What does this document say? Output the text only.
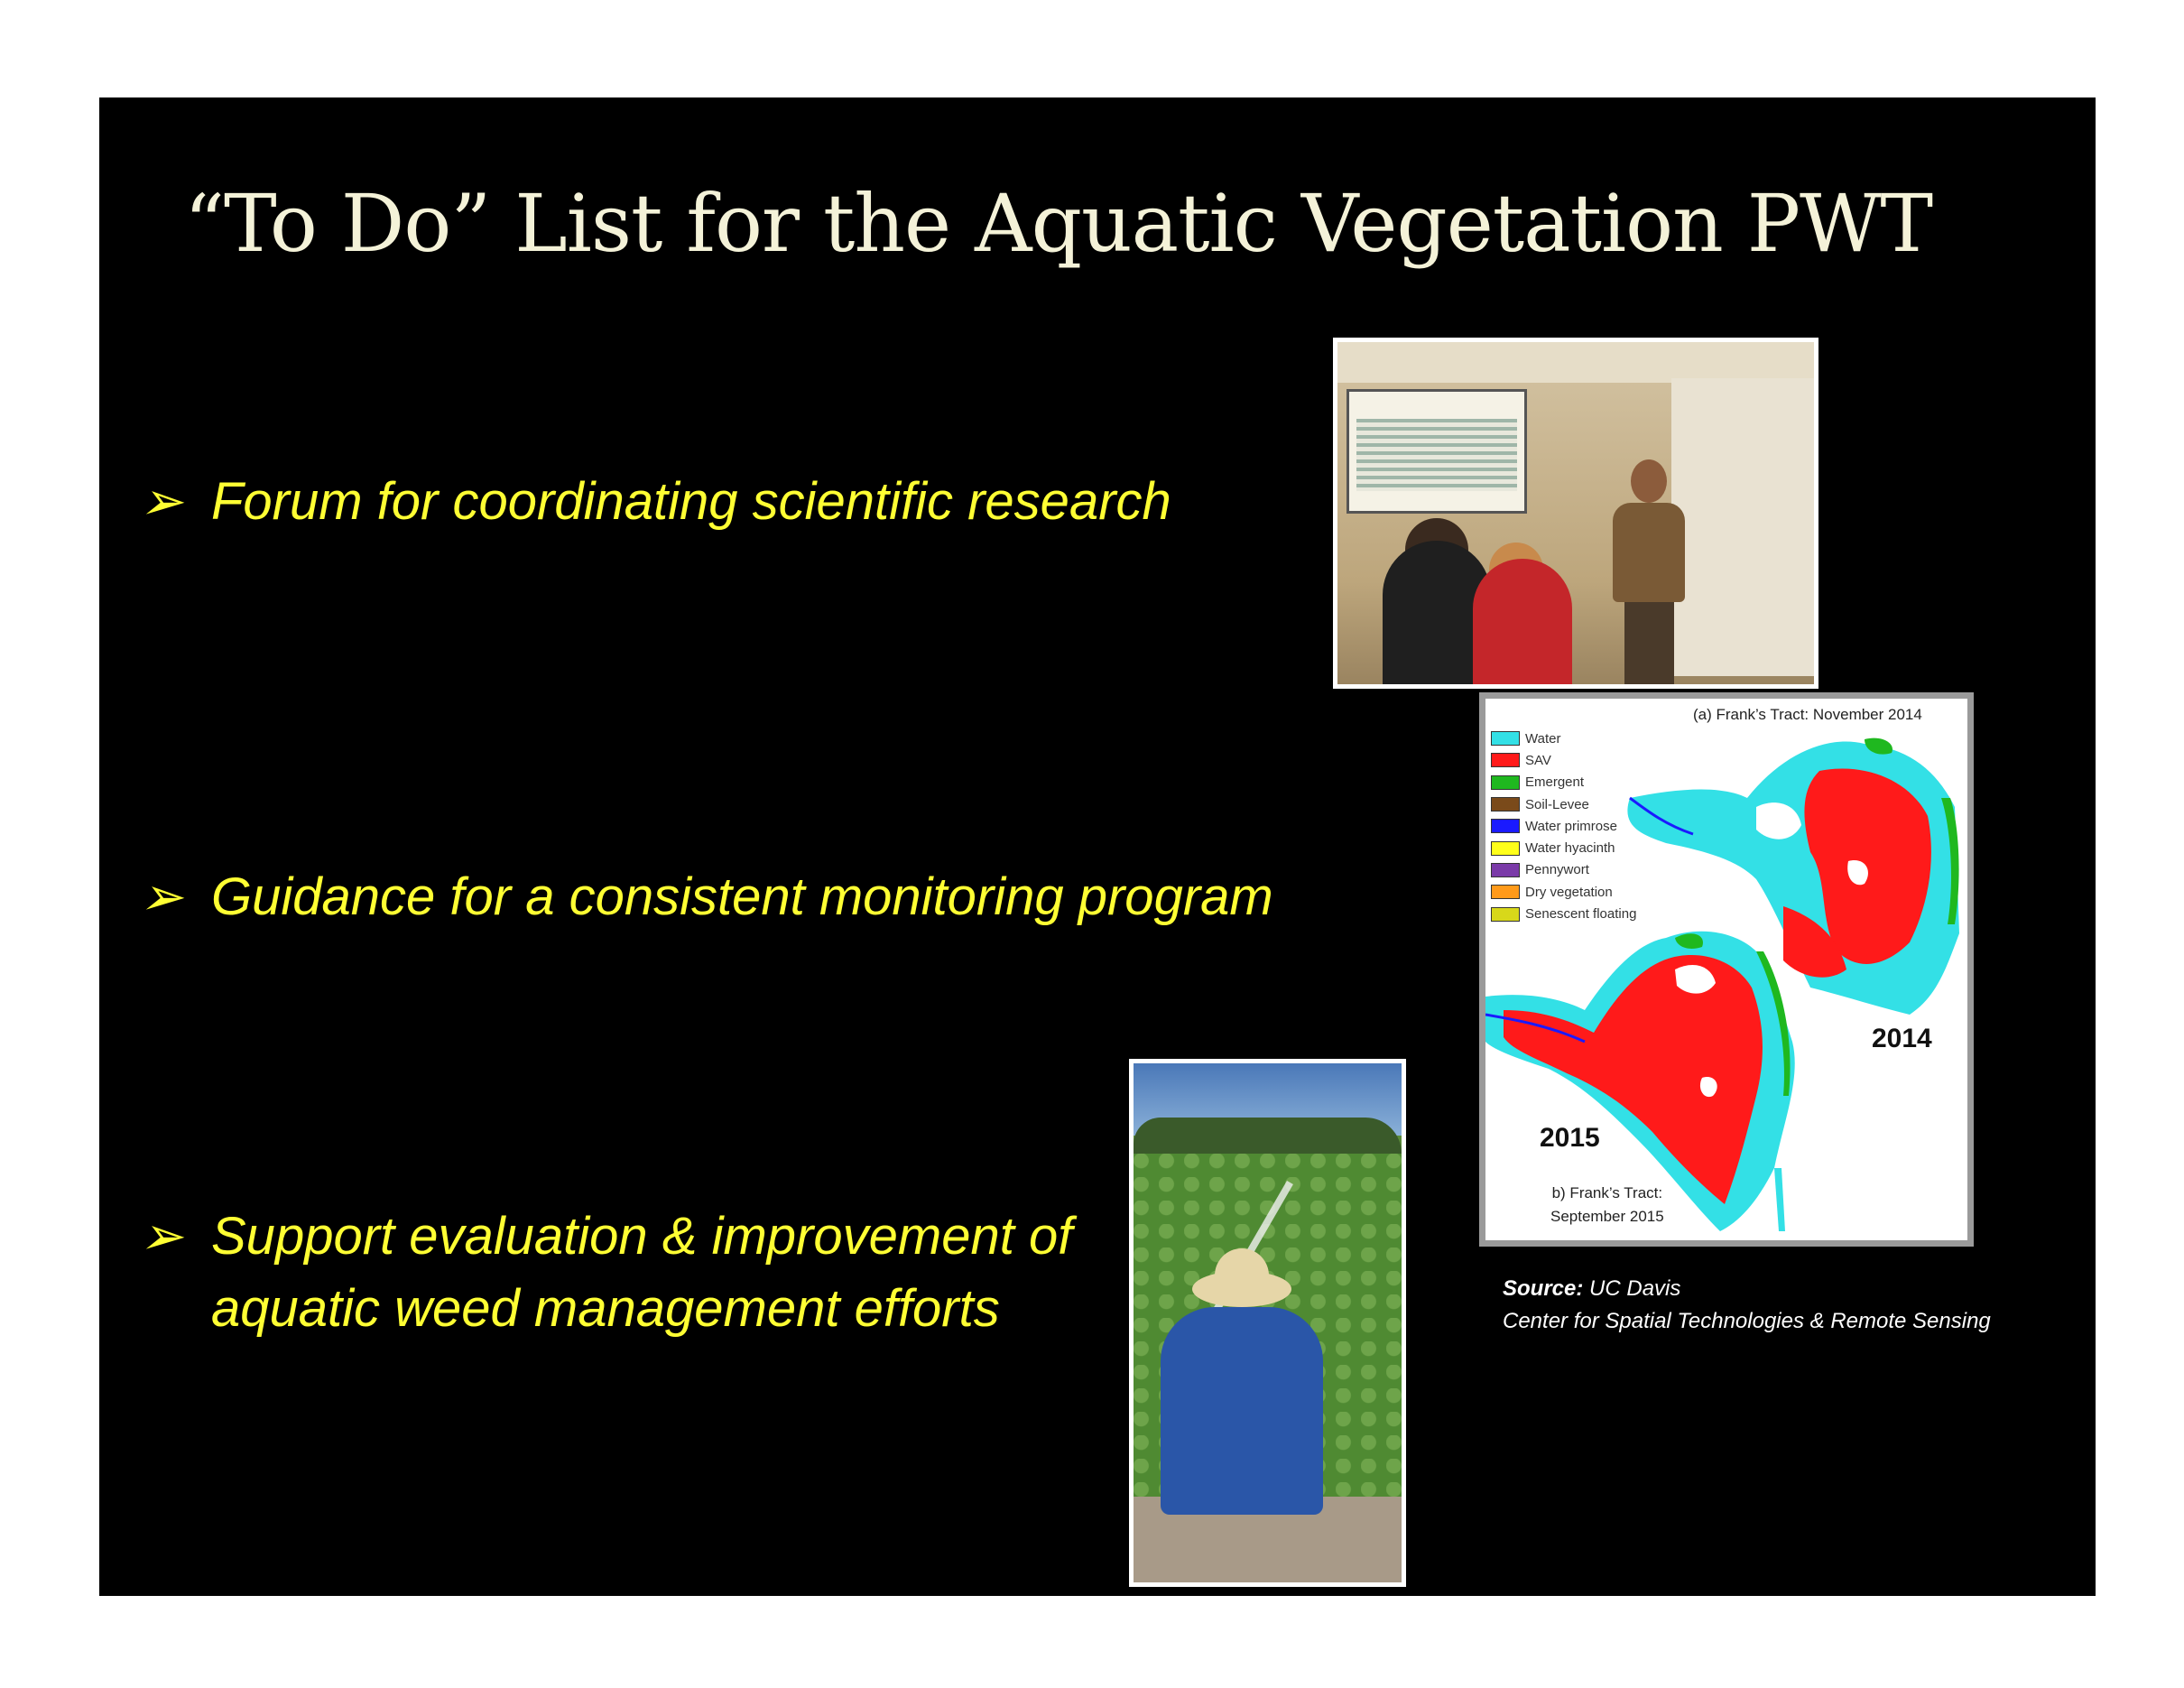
“To Do” List for the Aquatic Vegetation PWT
➢ Forum for coordinating scientific research
➢ Guidance for a consistent monitoring program
➢ Support evaluation & improvement of aquatic weed management efforts
(a) Frank’s Tract: November 2014
Water
SAV
Emergent
Soil-Levee
Water primrose
Water hyacinth
Pennywort
Dry vegetation
Senescent floating
2014
2015
b) Frank’s Tract:
September 2015
Source: UC Davis
Center for Spatial Technologies & Remote Sensing
